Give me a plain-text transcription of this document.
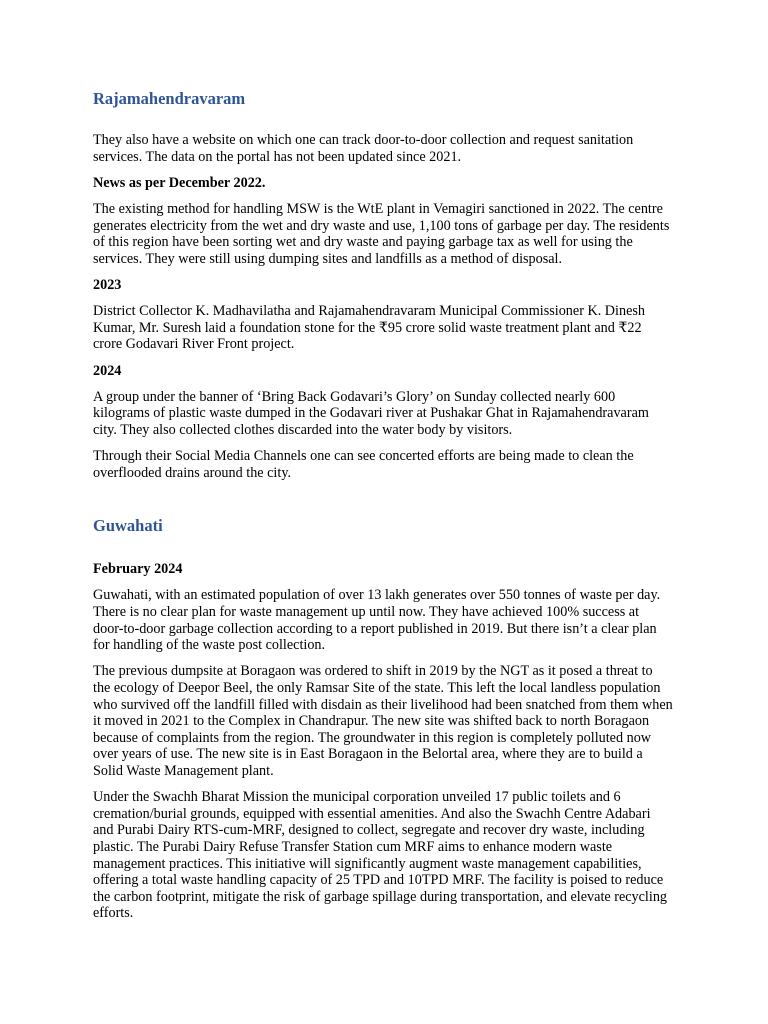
Rajamahendravaram

They also have a website on which one can track door-to-door collection and request sanitation services. The data on the portal has not been updated since 2021.

News as per December 2022.

The existing method for handling MSW is the WtE plant in Vemagiri sanctioned in 2022. The centre generates electricity from the wet and dry waste and use, 1,100 tons of garbage per day. The residents of this region have been sorting wet and dry waste and paying garbage tax as well for using the services. They were still using dumping sites and landfills as a method of disposal.

2023

District Collector K. Madhavilatha and Rajamahendravaram Municipal Commissioner K. Dinesh Kumar, Mr. Suresh laid a foundation stone for the ₹95 crore solid waste treatment plant and ₹22 crore Godavari River Front project.

2024

A group under the banner of ‘Bring Back Godavari’s Glory’ on Sunday collected nearly 600 kilograms of plastic waste dumped in the Godavari river at Pushakar Ghat in Rajamahendravaram city. They also collected clothes discarded into the water body by visitors.

Through their Social Media Channels one can see concerted efforts are being made to clean the overflooded drains around the city.

Guwahati

February 2024

Guwahati, with an estimated population of over 13 lakh generates over 550 tonnes of waste per day. There is no clear plan for waste management up until now. They have achieved 100% success at door-to-door garbage collection according to a report published in 2019. But there isn’t a clear plan for handling of the waste post collection.

The previous dumpsite at Boragaon was ordered to shift in 2019 by the NGT as it posed a threat to the ecology of Deepor Beel, the only Ramsar Site of the state. This left the local landless population who survived off the landfill filled with disdain as their livelihood had been snatched from them when it moved in 2021 to the Complex in Chandrapur. The new site was shifted back to north Boragaon because of complaints from the region. The groundwater in this region is completely polluted now over years of use. The new site is in East Boragaon in the Belortal area, where they are to build a Solid Waste Management plant.

Under the Swachh Bharat Mission the municipal corporation unveiled 17 public toilets and 6 cremation/burial grounds, equipped with essential amenities. And also the Swachh Centre Adabari and Purabi Dairy RTS-cum-MRF, designed to collect, segregate and recover dry waste, including plastic. The Purabi Dairy Refuse Transfer Station cum MRF aims to enhance modern waste management practices. This initiative will significantly augment waste management capabilities, offering a total waste handling capacity of 25 TPD and 10TPD MRF. The facility is poised to reduce the carbon footprint, mitigate the risk of garbage spillage during transportation, and elevate recycling efforts.
